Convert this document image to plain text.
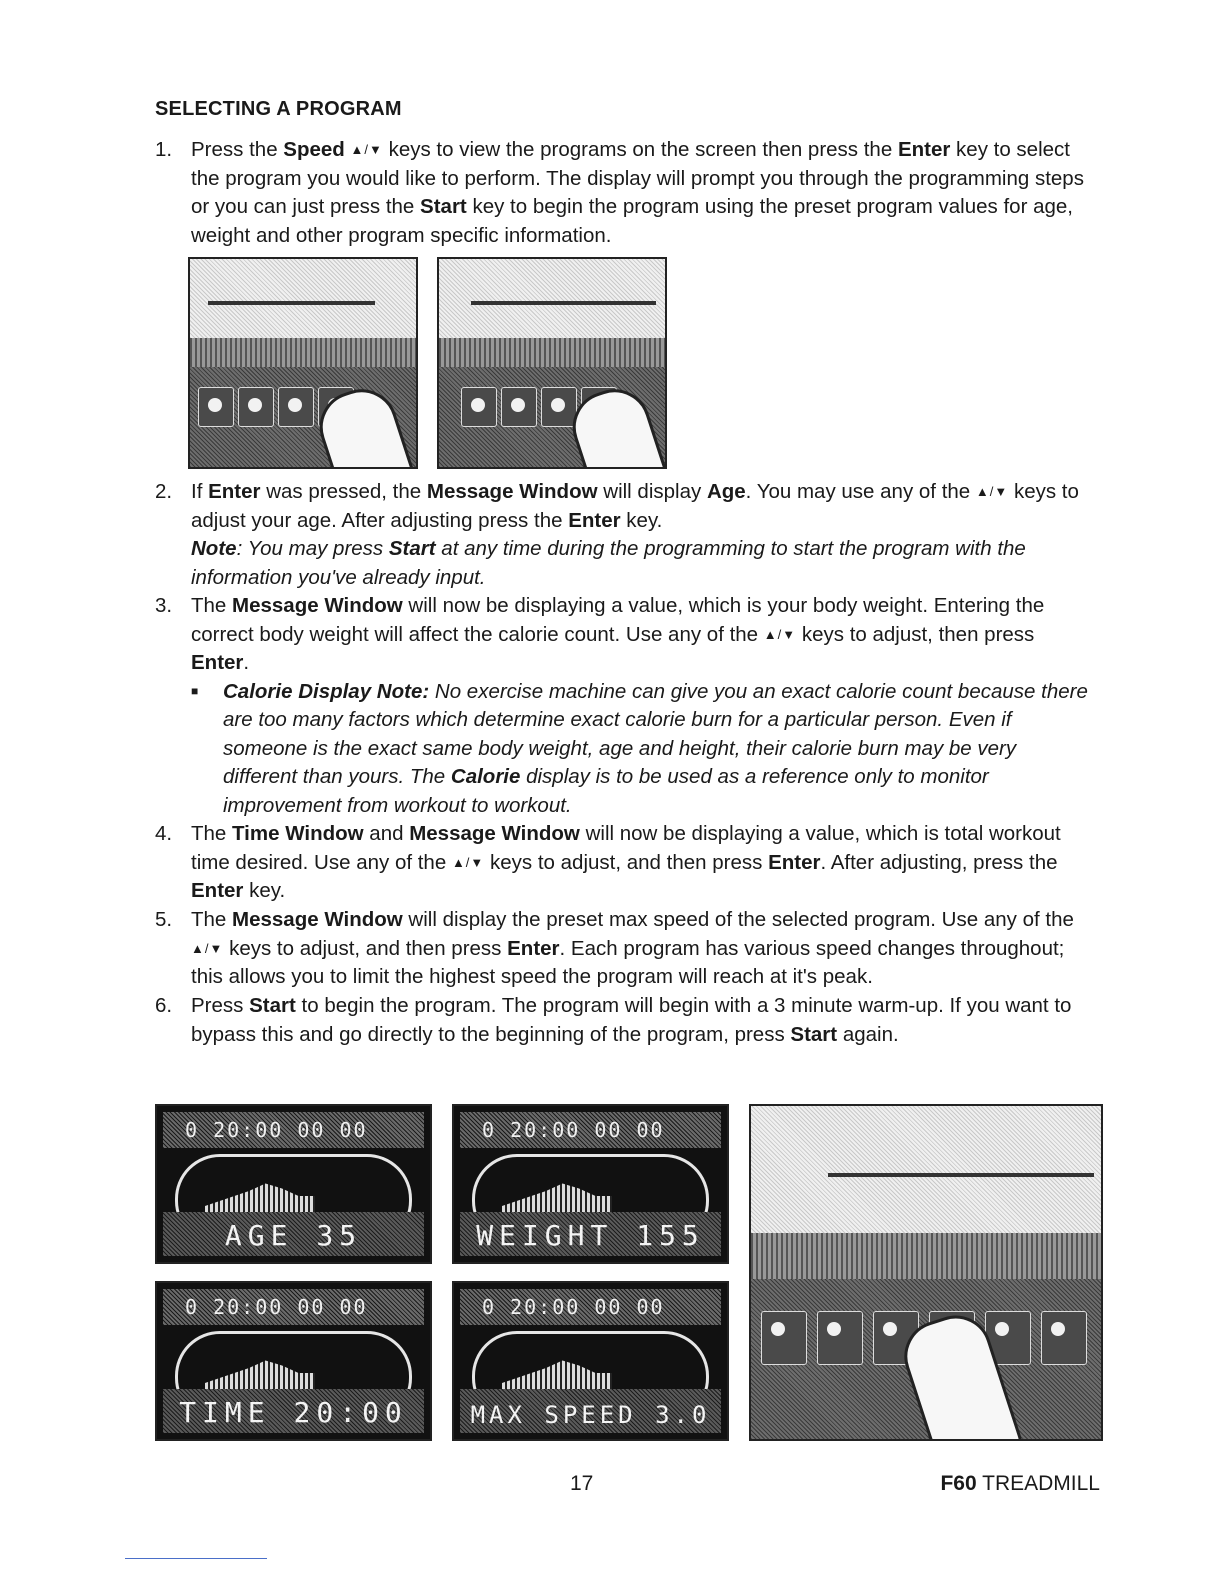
SELECTING A PROGRAM
1. Press the Speed ▲/▼ keys to view the programs on the screen then press the Enter key to select the program you would like to perform. The display will prompt you through the programming steps or you can just press the Start key to begin the program using the preset program values for age, weight and other program specific information.
2. If Enter was pressed, the Message Window will display Age. You may use any of the ▲/▼ keys to adjust your age. After adjusting press the Enter key.
Note: You may press Start at any time during the programming to start the program with the information you've already input.
3. The Message Window will now be displaying a value, which is your body weight. Entering the correct body weight will affect the calorie count. Use any of the ▲/▼ keys to adjust, then press Enter.
■ Calorie Display Note: No exercise machine can give you an exact calorie count because there are too many factors which determine exact calorie burn for a particular person. Even if someone is the exact same body weight, age and height, their calorie burn may be very different than yours. The Calorie display is to be used as a reference only to monitor improvement from workout to workout.
4. The Time Window and Message Window will now be displaying a value, which is total workout time desired. Use any of the ▲/▼ keys to adjust, and then press Enter. After adjusting, press the Enter key.
5. The Message Window will display the preset max speed of the selected program. Use any of the ▲/▼ keys to adjust, and then press Enter. Each program has various speed changes throughout; this allows you to limit the highest speed the program will reach at it's peak.
6. Press Start to begin the program. The program will begin with a 3 minute warm-up. If you want to bypass this and go directly to the beginning of the program, press Start again.
0 20:00 00 00
AGE 35
0 20:00 00 00
WEIGHT 155
0 20:00 00 00
TIME 20:00
0 20:00 00 00
MAX SPEED 3.0
17	F60 TREADMILL
